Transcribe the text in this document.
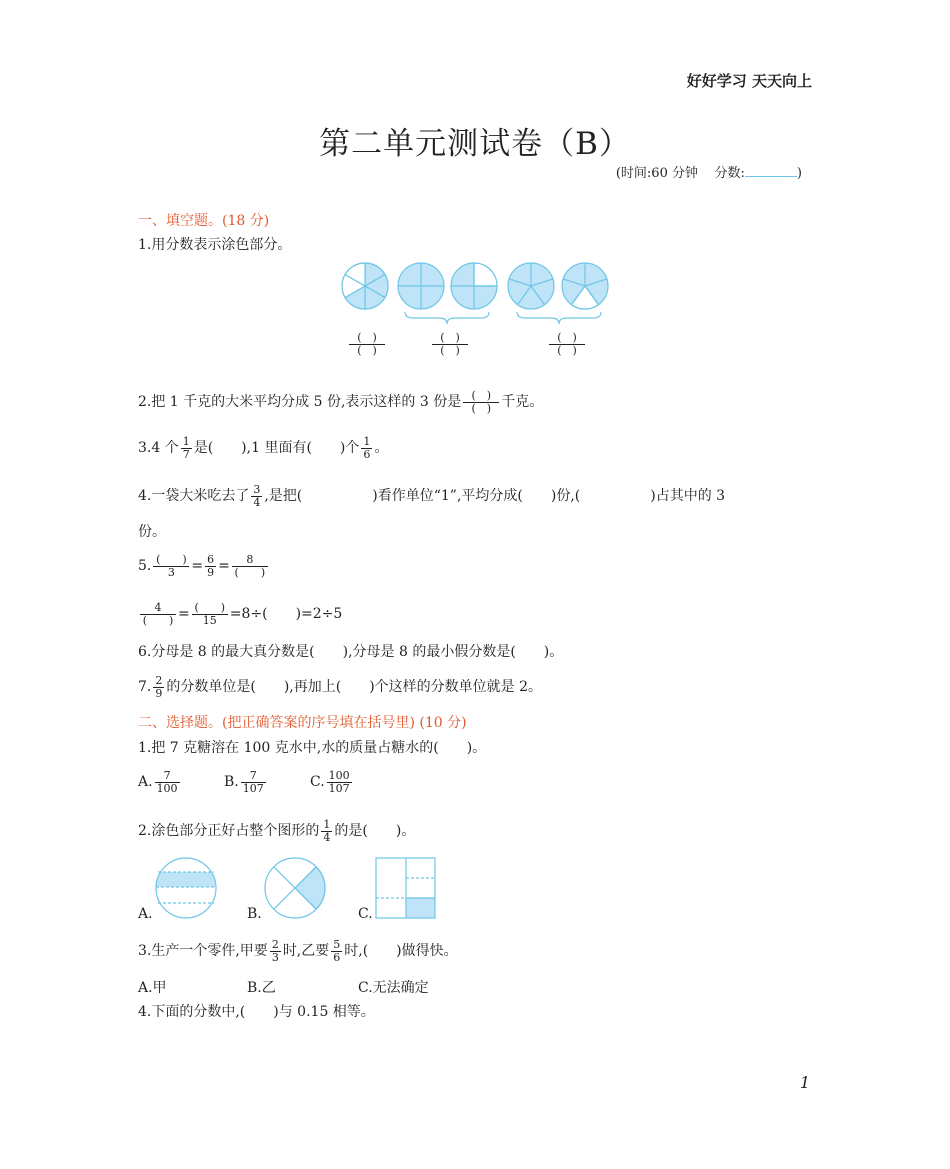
好好学习 天天向上
第二单元测试卷（B）
(时间:60 分钟 分数:	)
一、填空题。(18 分)
1.用分数表示涂色部分。
$\frac{( )}{( )}$	$\frac{( )}{( )}$	$\frac{( )}{( )}$
2.把 1 千克的大米平均分成 5 份,表示这样的 3 份是 $\frac{( )}{( )}$ 千克。
3.4 个 $\frac{1}{7}$ 是(　　),1 里面有(　　)个 $\frac{1}{6}$ 。
4.一袋大米吃去了 $\frac{3}{4}$ ,是把(　　　　　)看作单位“1”,平均分成(　　)份,(　　　　　)占其中的 3
份。
5. $\frac{( )}{3} = \frac{6}{9} = \frac{8}{( )}$
$\frac{4}{( )} = \frac{( )}{15} =8\div$(　　)=2÷5
6.分母是 8 的最大真分数是(　　),分母是 8 的最小假分数是(　　)。
7. $\frac{2}{9}$ 的分数单位是(　　),再加上(　　)个这样的分数单位就是 2。
二、选择题。(把正确答案的序号填在括号里) (10 分)
1.把 7 克糖溶在 100 克水中,水的质量占糖水的(　　)。
A. $\frac{7}{100}$	B. $\frac{7}{107}$	C. $\frac{100}{107}$
2.涂色部分正好占整个图形的 $\frac{1}{4}$ 的是(　　)。
A.	B.	C.
3.生产一个零件,甲要 $\frac{2}{3}$ 时,乙要 $\frac{5}{6}$ 时,(　　)做得快。
A.甲	B.乙	C.无法确定
4.下面的分数中,(　　)与 0.15 相等。
1
